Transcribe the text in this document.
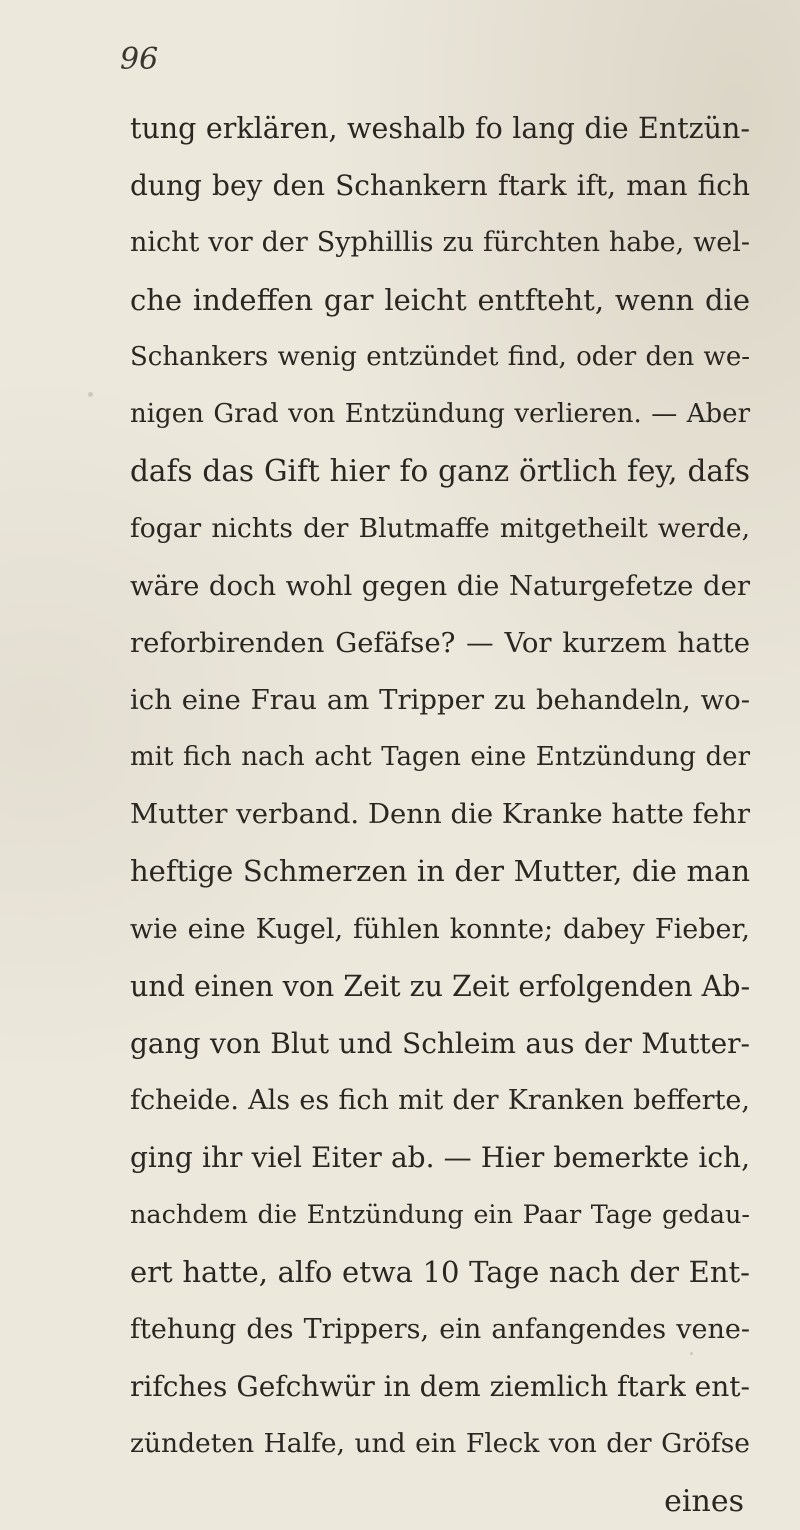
96
tung erklären, weshalb fo lang die Entzün-
dung bey den Schankern ftark ift, man fich
nicht vor der Syphillis zu fürchten habe, wel-
che indeffen gar leicht entfteht, wenn die
Schankers wenig entzündet find, oder den we-
nigen Grad von Entzündung verlieren. — Aber
dafs das Gift hier fo ganz örtlich fey, dafs
fogar nichts der Blutmaffe mitgetheilt werde,
wäre doch wohl gegen die Naturgefetze der
reforbirenden Gefäfse? — Vor kurzem hatte
ich eine Frau am Tripper zu behandeln, wo-
mit fich nach acht Tagen eine Entzündung der
Mutter verband. Denn die Kranke hatte fehr
heftige Schmerzen in der Mutter, die man
wie eine Kugel, fühlen konnte; dabey Fieber,
und einen von Zeit zu Zeit erfolgenden Ab-
gang von Blut und Schleim aus der Mutter-
fcheide. Als es fich mit der Kranken befferte,
ging ihr viel Eiter ab. — Hier bemerkte ich,
nachdem die Entzündung ein Paar Tage gedau-
ert hatte, alfo etwa 10 Tage nach der Ent-
ftehung des Trippers, ein anfangendes vene-
rifches Gefchwür in dem ziemlich ftark ent-
zündeten Halfe, und ein Fleck von der Gröfse
eines
